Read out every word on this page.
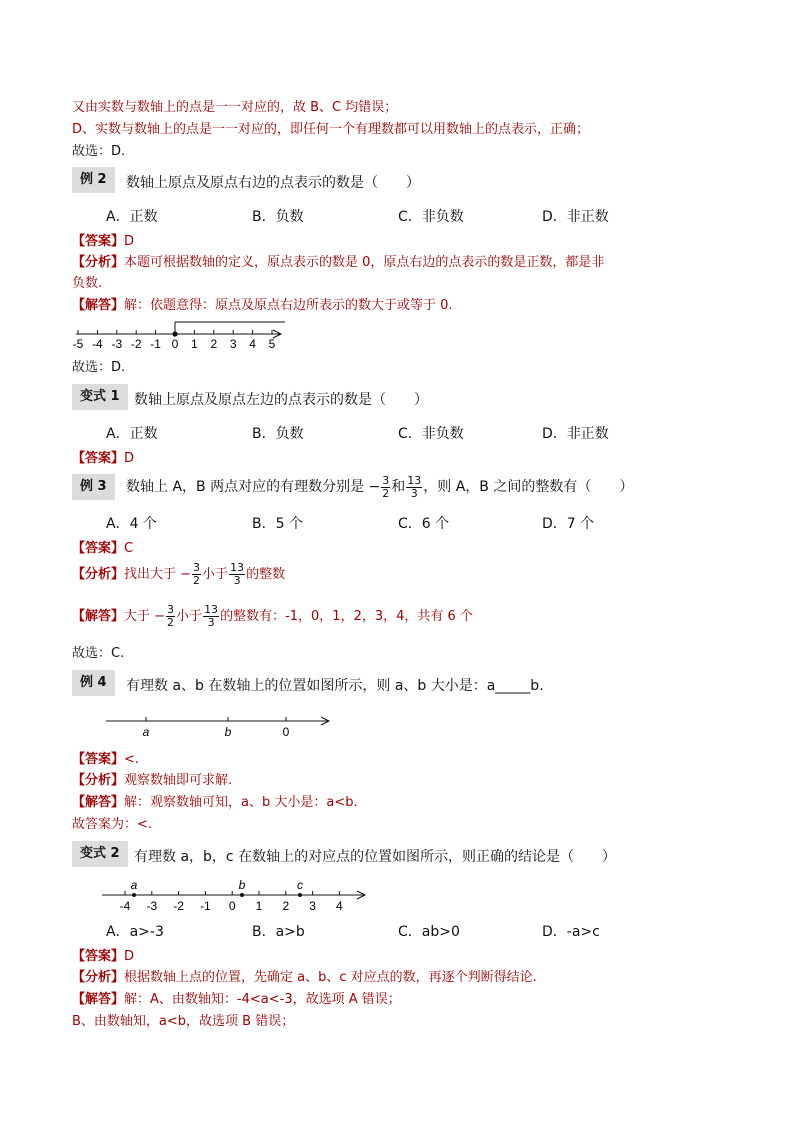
又由实数与数轴上的点是一一对应的，故 B、C 均错误；
D、实数与数轴上的点是一一对应的，即任何一个有理数都可以用数轴上的点表示，正确；
故选：D.
例 2	数轴上原点及原点右边的点表示的数是（　　）
A．正数	B．负数	C．非负数	D．非正数
【答案】D
【分析】本题可根据数轴的定义，原点表示的数是 0，原点右边的点表示的数是正数，都是非
负数.
【解答】解：依题意得：原点及原点右边所表示的数大于或等于 0.
-5 -4 -3 -2 -1 0 1 2 3 4 5
故选：D.
变式 1	数轴上原点及原点左边的点表示的数是（　　）
A．正数	B．负数	C．非负数	D．非正数
【答案】D
例 3	数轴上 A，B 两点对应的有理数分别是 − $\frac{3}{2}$ 和 $\frac{13}{3}$ ，则 A，B 之间的整数有（　　）
A．4 个	B．5 个	C．6 个	D．7 个
【答案】C
【分析】找出大于 − $\frac{3}{2}$ 小于 $\frac{13}{3}$ 的整数
【解答】大于 − $\frac{3}{2}$ 小于 $\frac{13}{3}$ 的整数有：-1，0，1，2，3，4，共有 6 个
故选：C.
例 4	有理数 a、b 在数轴上的位置如图所示，则 a、b 大小是：a_____b.
a	b	0
【答案】<.
【分析】观察数轴即可求解.
【解答】解：观察数轴可知，a、b 大小是：a<b.
故答案为：<.
变式 2	有理数 a，b，c 在数轴上的对应点的位置如图所示，则正确的结论是（　　）
-4 -3 -2 -1 0 1 2 3 4
a	b	c
A．a>-3	B．a>b	C．ab>0	D．-a>c
【答案】D
【分析】根据数轴上点的位置，先确定 a、b、c 对应点的数，再逐个判断得结论.
【解答】解：A、由数轴知：-4<a<-3，故选项 A 错误；
B、由数轴知，a<b，故选项 B 错误；
